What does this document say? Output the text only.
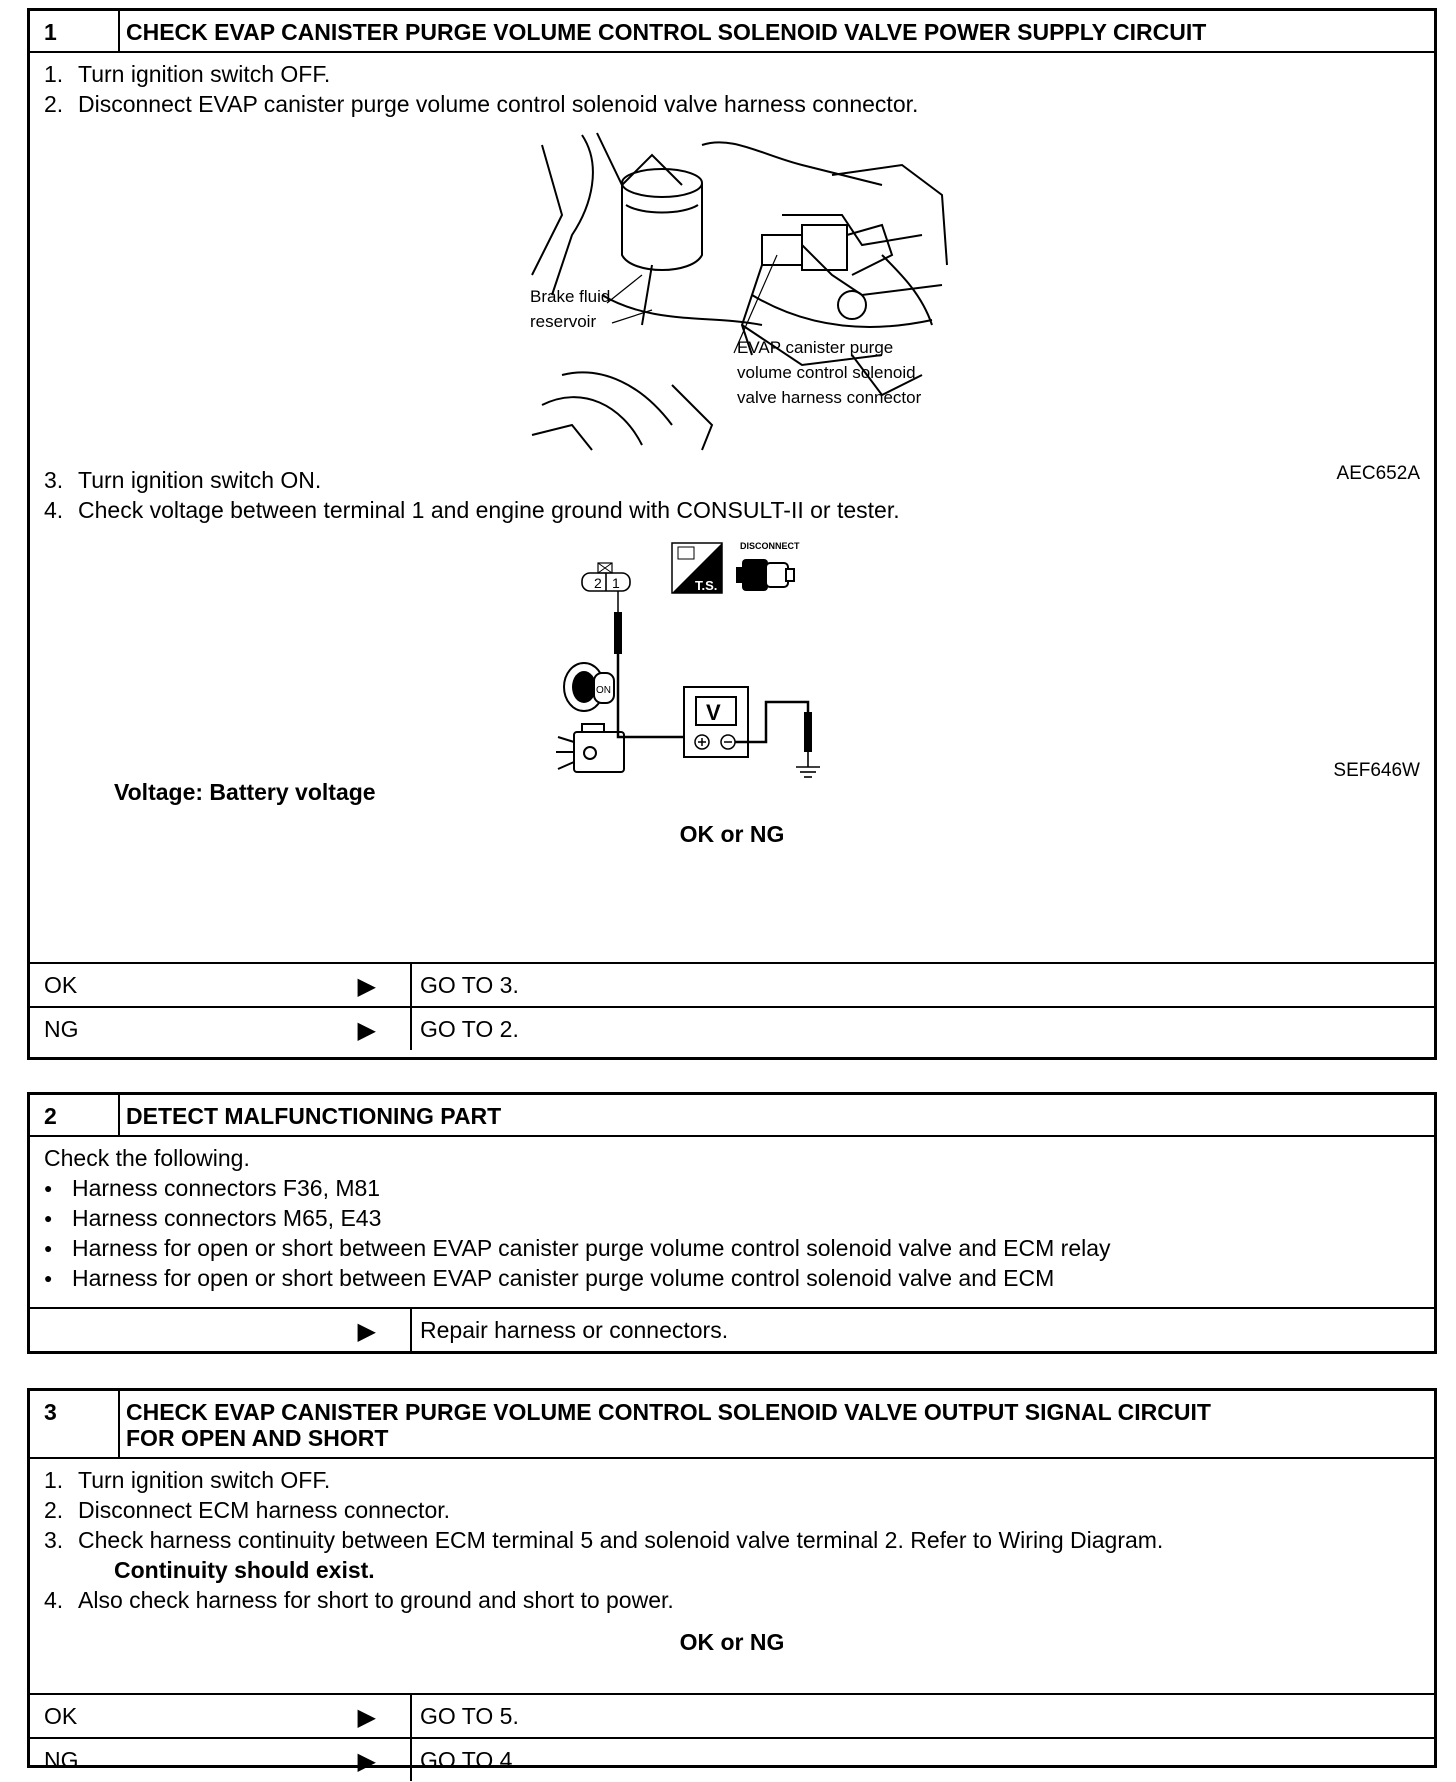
1	CHECK EVAP CANISTER PURGE VOLUME CONTROL SOLENOID VALVE POWER SUPPLY CIRCUIT
1. Turn ignition switch OFF.
2. Disconnect EVAP canister purge volume control solenoid valve harness connector.
Brake fluid
reservoir
EVAP canister purge
volume control solenoid
valve harness connector
AEC652A
3. Turn ignition switch ON.
4. Check voltage between terminal 1 and engine ground with CONSULT-II or tester.
2 1
V
T.S.
DISCONNECT
ON
SEF646W
Voltage: Battery voltage
OK or NG
OK	▶	GO TO 3.
NG	▶	GO TO 2.
2	DETECT MALFUNCTIONING PART
Check the following.
● Harness connectors F36, M81
● Harness connectors M65, E43
● Harness for open or short between EVAP canister purge volume control solenoid valve and ECM relay
● Harness for open or short between EVAP canister purge volume control solenoid valve and ECM
▶	Repair harness or connectors.
3	CHECK EVAP CANISTER PURGE VOLUME CONTROL SOLENOID VALVE OUTPUT SIGNAL CIRCUIT
FOR OPEN AND SHORT
1. Turn ignition switch OFF.
2. Disconnect ECM harness connector.
3. Check harness continuity between ECM terminal 5 and solenoid valve terminal 2. Refer to Wiring Diagram.
Continuity should exist.
4. Also check harness for short to ground and short to power.
OK or NG
OK	▶	GO TO 5.
NG	▶	GO TO 4.
